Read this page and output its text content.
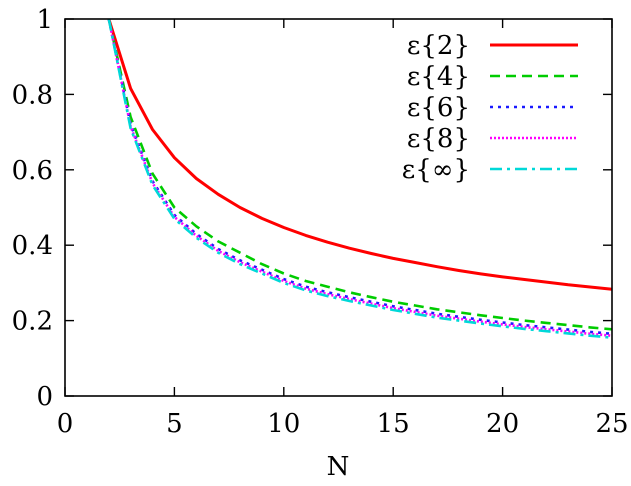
ε{2}
ε{4}
ε{6}
ε{8}
ε{∞}
0	5	10	15	20	25
0
0.2
0.4
0.6
0.8
1
N
